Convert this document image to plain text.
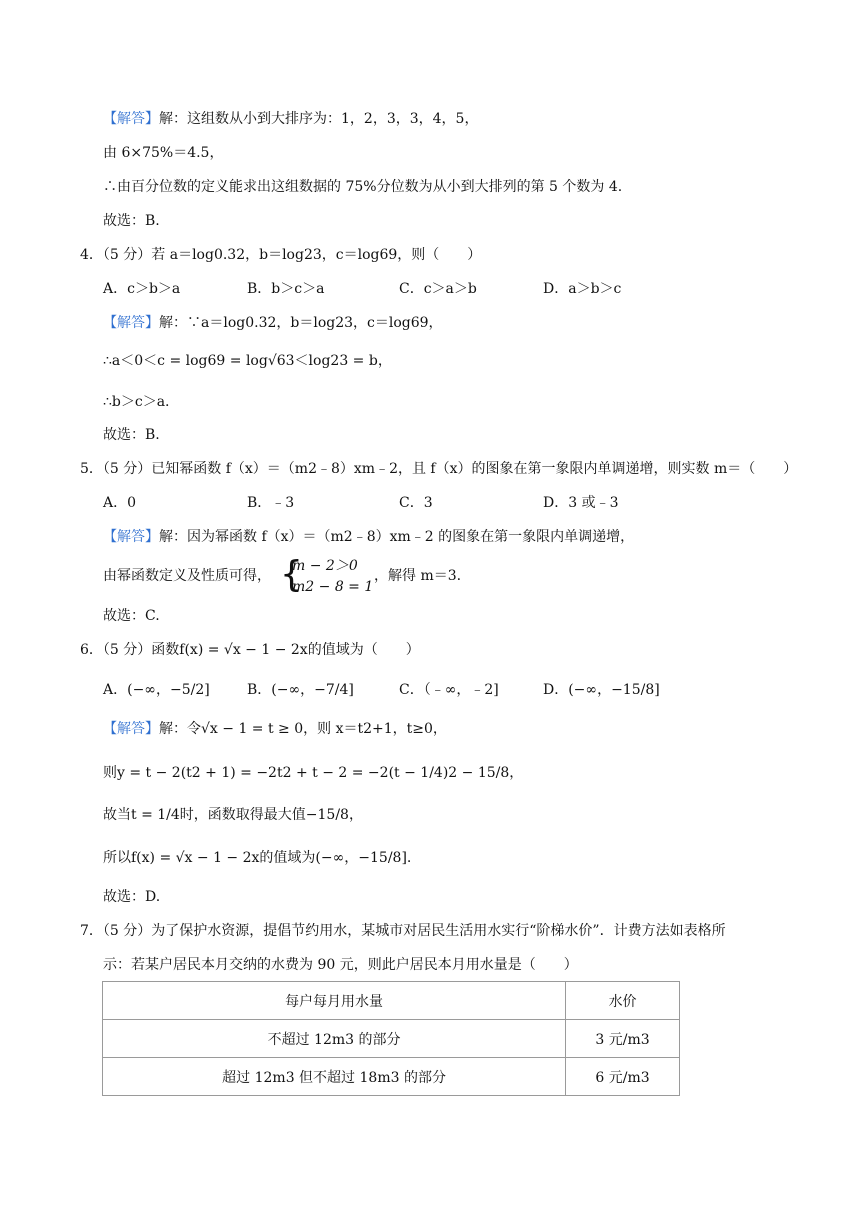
【解答】解：这组数从小到大排序为：1，2，3，3，4，5，
由 6×75%＝4.5，
∴由百分位数的定义能求出这组数据的 75%分位数为从小到大排列的第 5 个数为 4.
故选：B.
4．（5 分）若 a＝log0.32，b＝log23，c＝log69，则（　　）
A．c＞b＞a	B．b＞c＞a	C．c＞a＞b	D．a＞b＞c
【解答】解：∵a＝log0.32，b＝log23，c＝log69，
∴a＜0＜c = log69 = log√63＜log23 = b，
∴b＞c＞a.
故选：B.
5．（5 分）已知幂函数 f（x）＝（m2﹣8）xm﹣2，且 f（x）的图象在第一象限内单调递增，则实数 m＝（　　）
A．0	B．﹣3	C．3	D．3 或﹣3
【解答】解：因为幂函数 f（x）＝（m2﹣8）xm﹣2 的图象在第一象限内单调递增，
由幂函数定义及性质可得， {
m − 2＞0
m2 − 8 = 1
，解得 m＝3.
故选：C.
6．（5 分）函数f(x) = √x − 1 − 2x的值域为（　　）
A．(−∞，−5/2]	B．(−∞，−7/4]	C．（﹣∞，﹣2]	D．(−∞，−15/8]
【解答】解：令√x − 1 = t ≥ 0，则 x＝t2+1，t≥0，
则y = t − 2(t2 + 1) = −2t2 + t − 2 = −2(t − 1/4)2 − 15/8，
故当t = 1/4时，函数取得最大值−15/8，
所以f(x) = √x − 1 − 2x的值域为(−∞，−15/8].
故选：D.
7．（5 分）为了保护水资源，提倡节约用水，某城市对居民生活用水实行“阶梯水价”．计费方法如表格所
示：若某户居民本月交纳的水费为 90 元，则此户居民本月用水量是（　　）
每户每月用水量	水价
不超过 12m3 的部分	3 元/m3
超过 12m3 但不超过 18m3 的部分	6 元/m3
